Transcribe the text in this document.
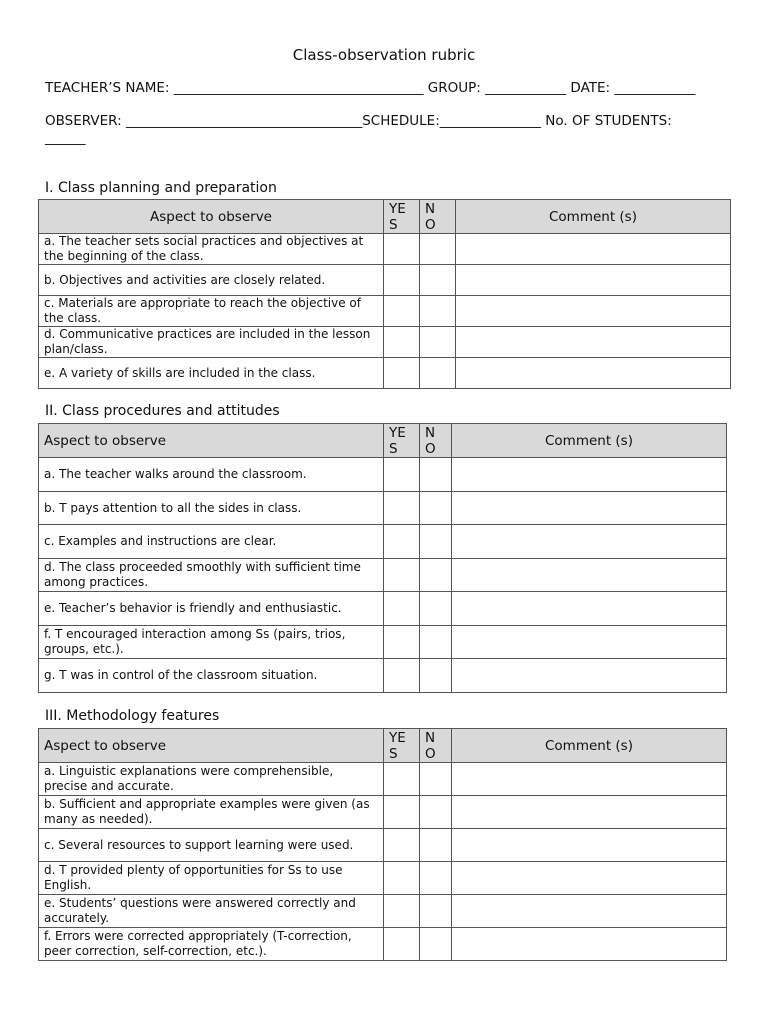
Class-observation rubric
TEACHER’S NAME: _____________________________________ GROUP: ____________ DATE: ____________
OBSERVER: ___________________________________SCHEDULE:_______________ No. OF STUDENTS: ______
I. Class planning and preparation
Aspect to observe	YE S	N O	Comment (s)
a. The teacher sets social practices and objectives at the beginning of the class.			
b. Objectives and activities are closely related.			
c. Materials are appropriate to reach the objective of the class.			
d. Communicative practices are included in the lesson plan/class.			
e. A variety of skills are included in the class.			
II. Class procedures and attitudes
Aspect to observe	YE S	N O	Comment (s)
a. The teacher walks around the classroom.			
b. T pays attention to all the sides in class.			
c. Examples and instructions are clear.			
d. The class proceeded smoothly with sufficient time among practices.			
e. Teacher’s behavior is friendly and enthusiastic.			
f. T encouraged interaction among Ss (pairs, trios, groups, etc.).			
g. T was in control of the classroom situation.			
III. Methodology features
Aspect to observe	YE S	N O	Comment (s)
a. Linguistic explanations were comprehensible, precise and accurate.			
b. Sufficient and appropriate examples were given (as many as needed).			
c. Several resources to support learning were used.			
d. T provided plenty of opportunities for Ss to use English.			
e. Students’ questions were answered correctly and accurately.			
f. Errors were corrected appropriately (T-correction, peer correction, self-correction, etc.).			
